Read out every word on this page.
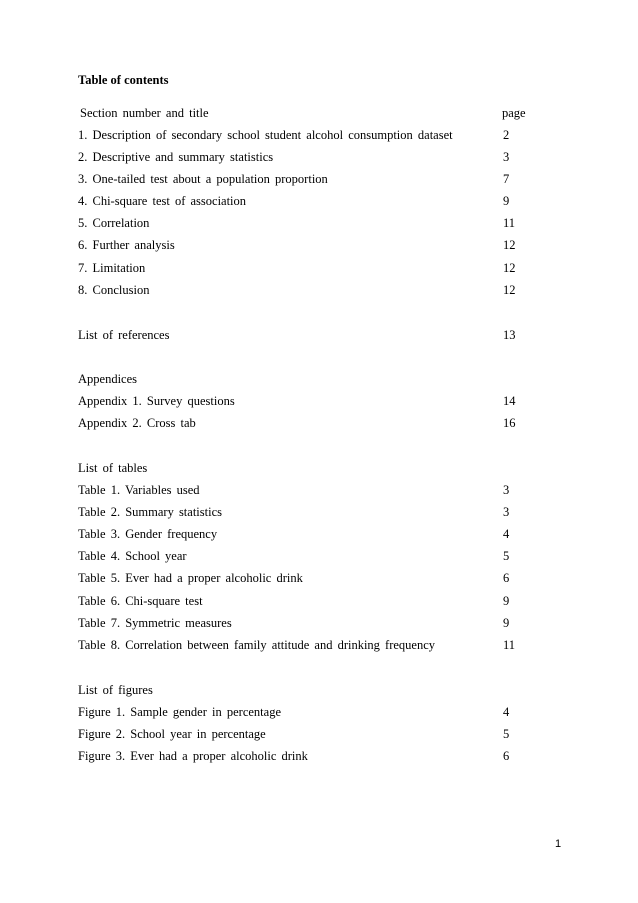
Table of contents
Section number and title	page
1. Description of secondary school student alcohol consumption dataset	2
2. Descriptive and summary statistics	3
3. One-tailed test about a population proportion	7
4. Chi-square test of association	9
5. Correlation	11
6. Further analysis	12
7. Limitation	12
8. Conclusion	12
List of references	13
Appendices
Appendix 1. Survey questions	14
Appendix 2. Cross tab	16
List of tables
Table 1. Variables used	3
Table 2. Summary statistics	3
Table 3. Gender frequency	4
Table 4. School year	5
Table 5. Ever had a proper alcoholic drink	6
Table 6. Chi-square test	9
Table 7. Symmetric measures	9
Table 8. Correlation between family attitude and drinking frequency	11
List of figures
Figure 1. Sample gender in percentage	4
Figure 2. School year in percentage	5
Figure 3. Ever had a proper alcoholic drink	6
1
